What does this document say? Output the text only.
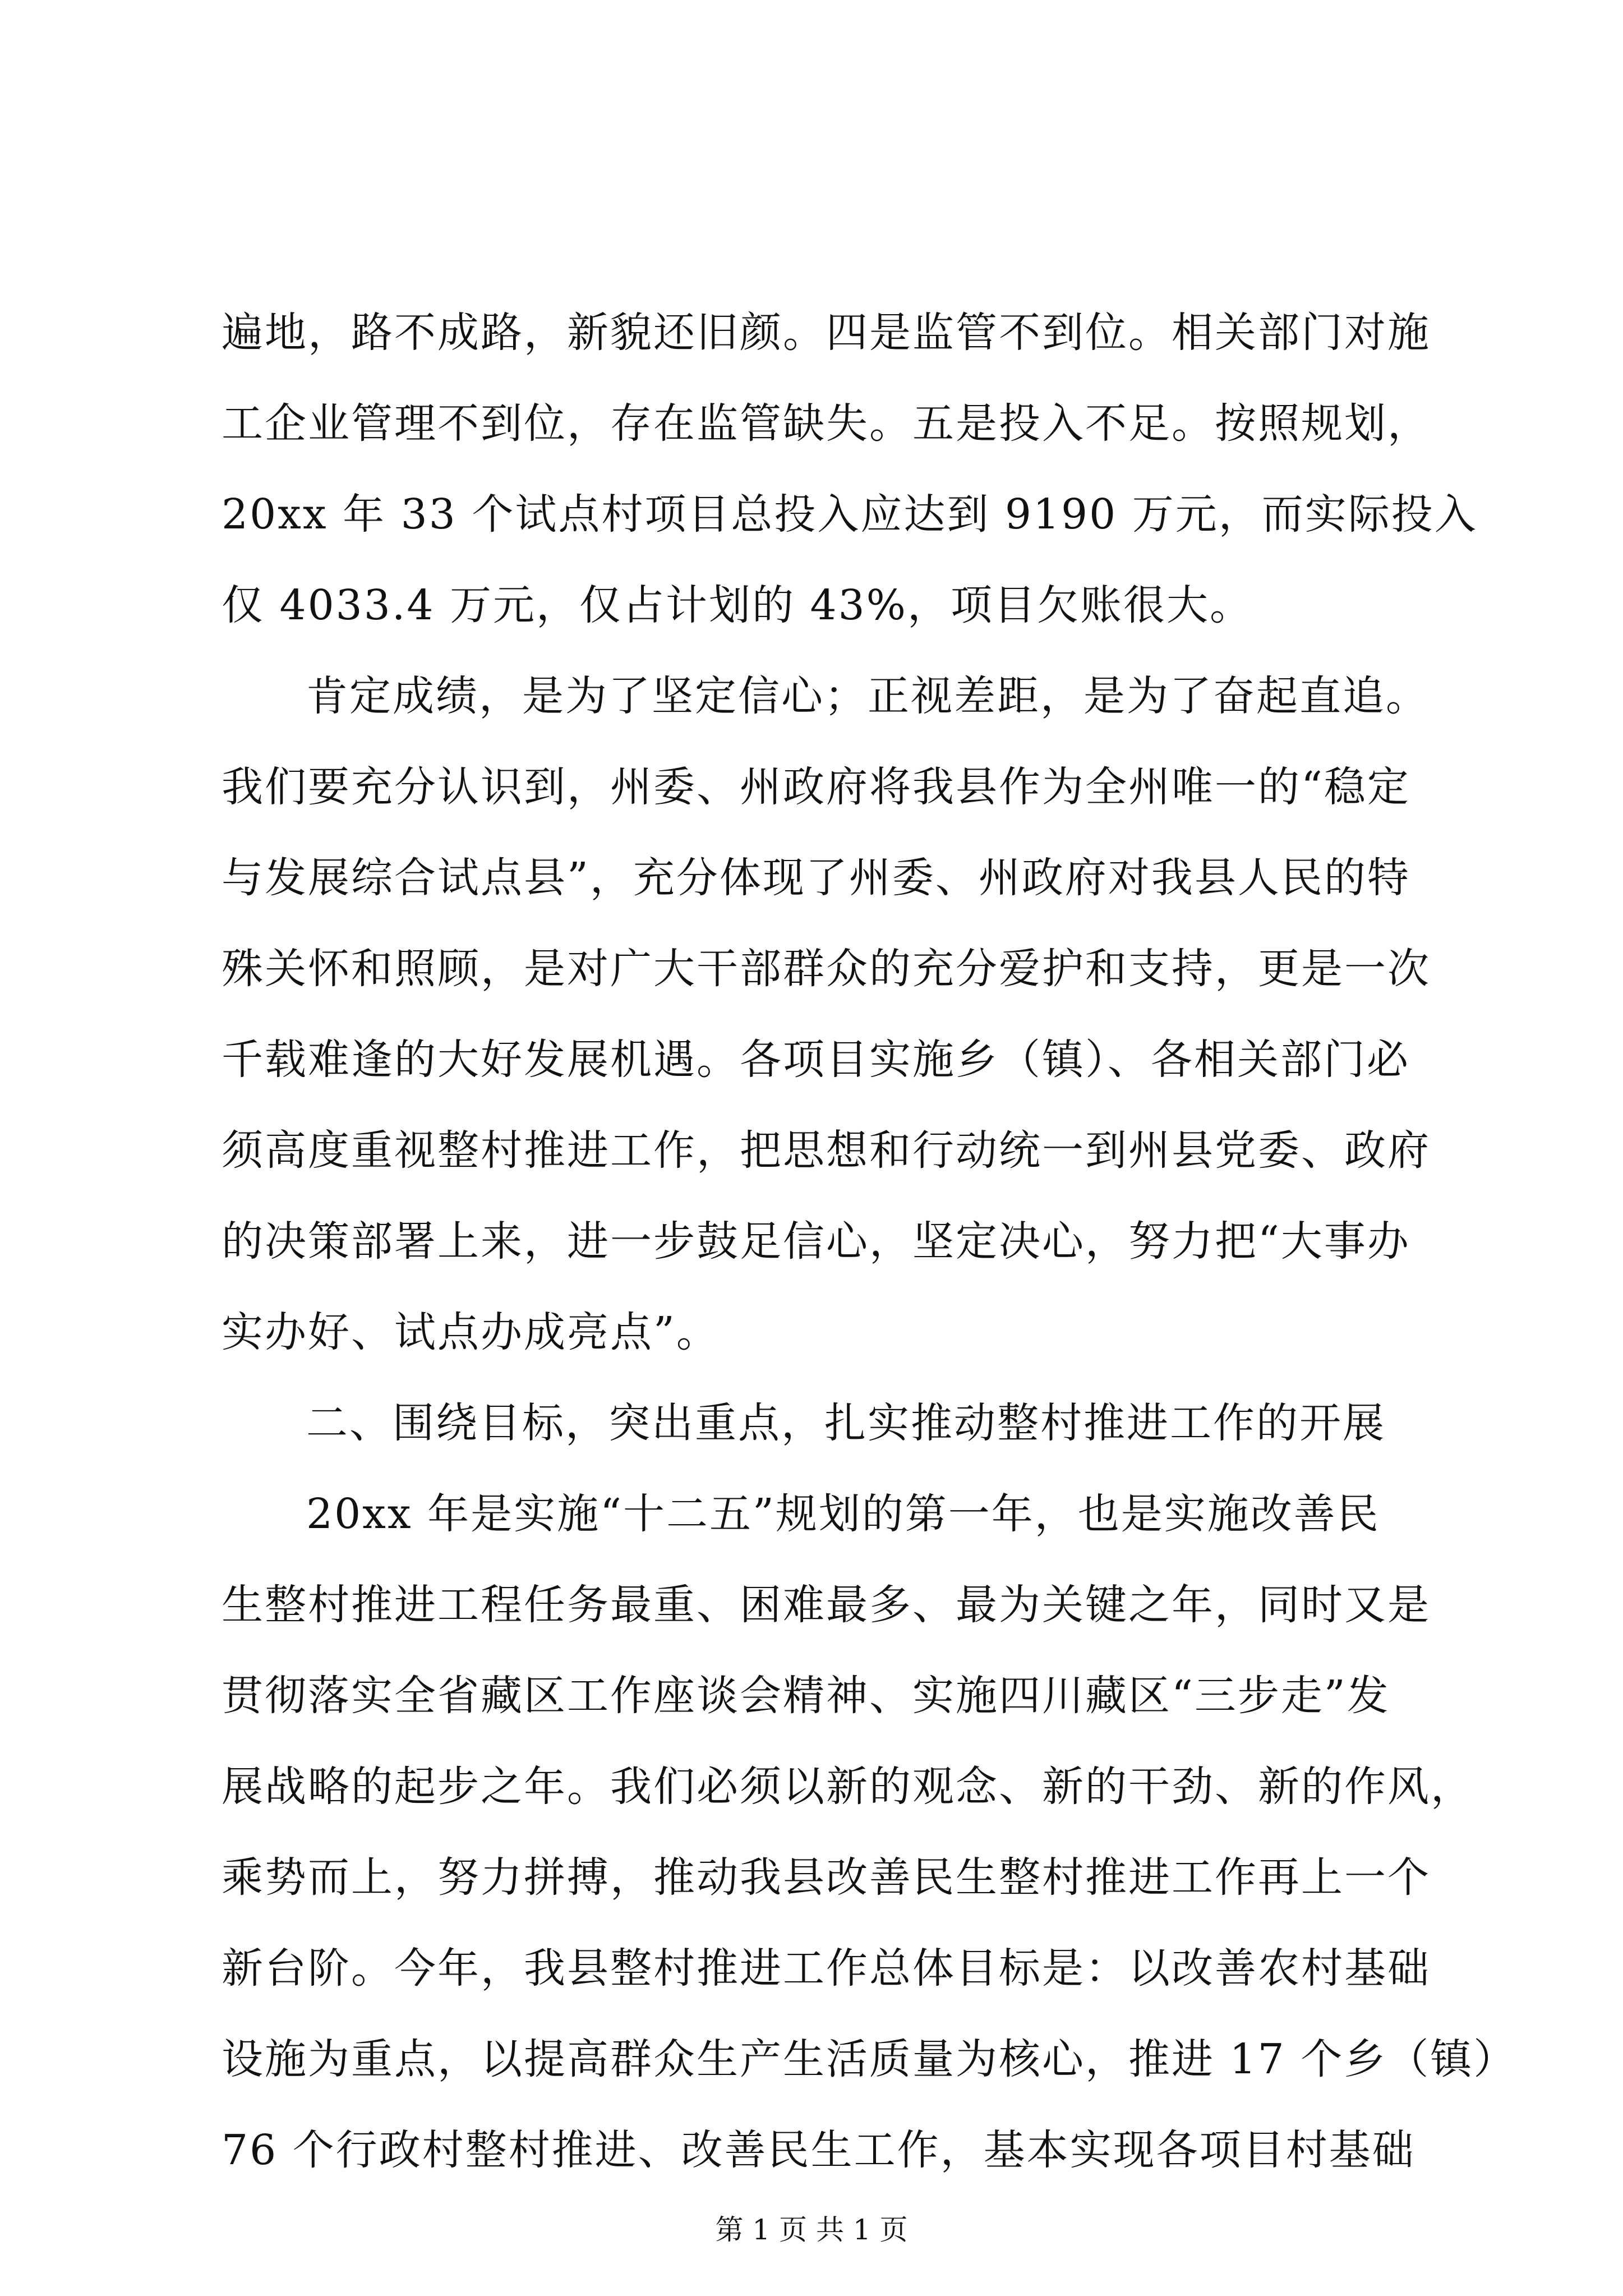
遍地，路不成路，新貌还旧颜。四是监管不到位。相关部门对施
工企业管理不到位，存在监管缺失。五是投入不足。按照规划，
20xx 年 33 个试点村项目总投入应达到 9190 万元，而实际投入
仅 4033.4 万元，仅占计划的 43%，项目欠账很大。
肯定成绩，是为了坚定信心；正视差距，是为了奋起直追。
我们要充分认识到，州委、州政府将我县作为全州唯一的“稳定
与发展综合试点县”，充分体现了州委、州政府对我县人民的特
殊关怀和照顾，是对广大干部群众的充分爱护和支持，更是一次
千载难逢的大好发展机遇。各项目实施乡（镇）、各相关部门必
须高度重视整村推进工作，把思想和行动统一到州县党委、政府
的决策部署上来，进一步鼓足信心，坚定决心，努力把“大事办
实办好、试点办成亮点”。
二、围绕目标，突出重点，扎实推动整村推进工作的开展
20xx 年是实施“十二五”规划的第一年，也是实施改善民
生整村推进工程任务最重、困难最多、最为关键之年，同时又是
贯彻落实全省藏区工作座谈会精神、实施四川藏区“三步走”发
展战略的起步之年。我们必须以新的观念、新的干劲、新的作风，
乘势而上，努力拼搏，推动我县改善民生整村推进工作再上一个
新台阶。今年，我县整村推进工作总体目标是：以改善农村基础
设施为重点，以提高群众生产生活质量为核心，推进 17 个乡（镇）
76 个行政村整村推进、改善民生工作，基本实现各项目村基础
第 1 页 共 1 页
